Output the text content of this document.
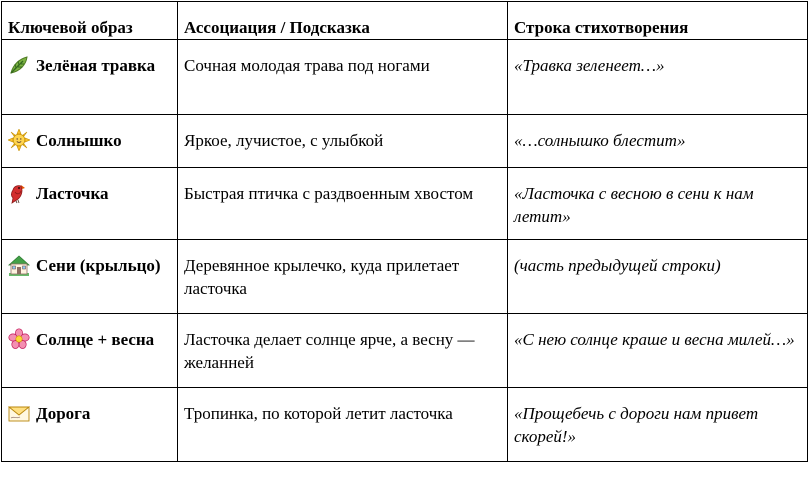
Ключевой образ	Ассоциация / Подсказка	Строка стихотворения

Зелёная травка	Сочная молодая трава под ногами	«Травка зеленеет…»

Солнышко	Яркое, лучистое, с улыбкой	«…солнышко блестит»

Ласточка	Быстрая птичка с раздвоенным хвостом	«Ласточка с весною в сени к нам летит»

Сени (крыльцо)	Деревянное крылечко, куда прилетает ласточка	(часть предыдущей строки)

Солнце + весна	Ласточка делает солнце ярче, а весну — желанней	«С нею солнце краше и весна милей…»

Дорога	Тропинка, по которой летит ласточка	«Прощебечь с дороги нам привет скорей!»
